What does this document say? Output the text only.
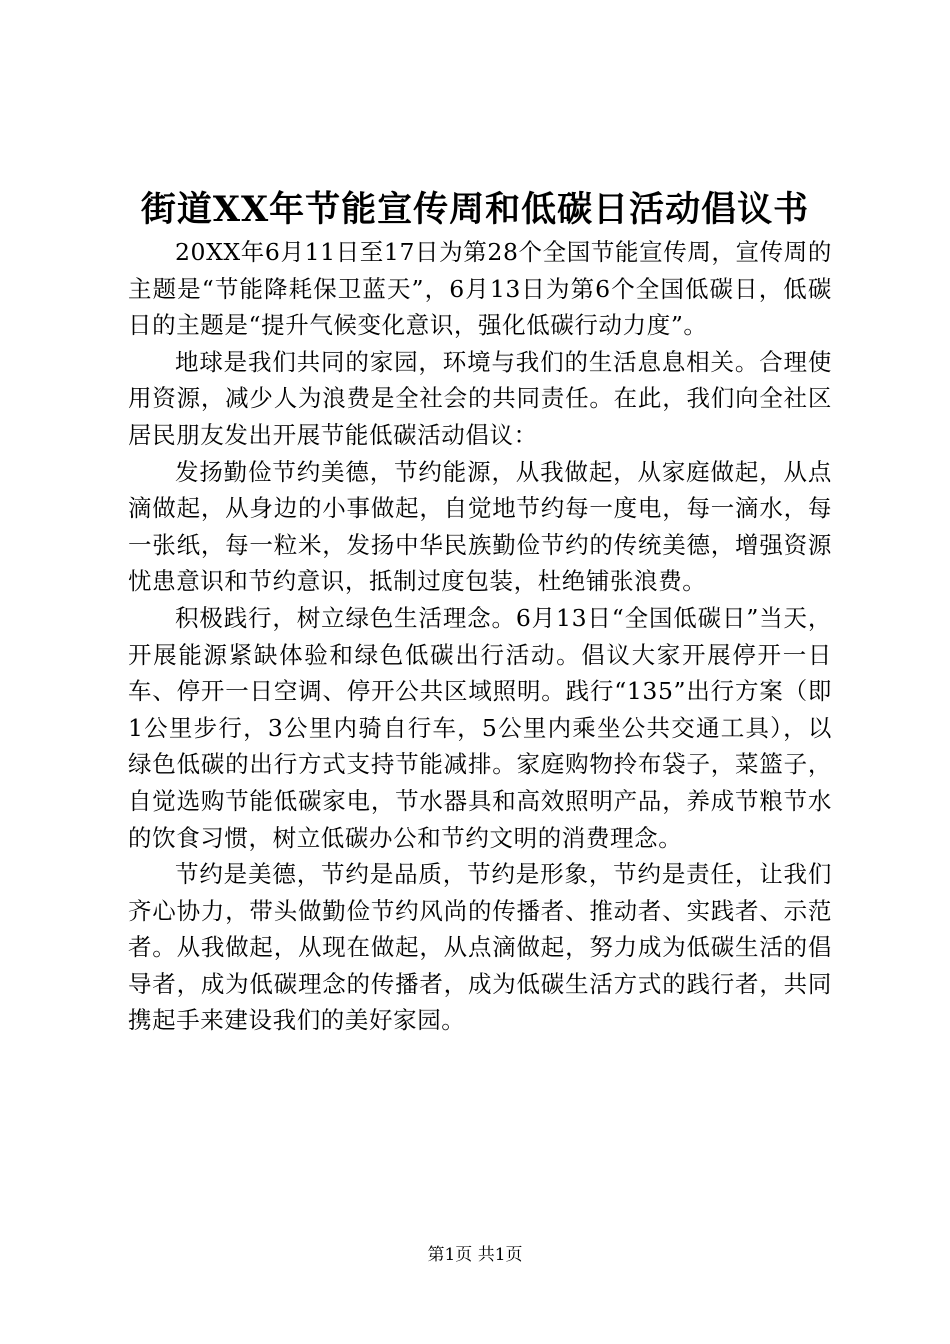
街道XX年节能宣传周和低碳日活动倡议书

20XX年6月11日至17日为第28个全国节能宣传周，宣传周的主题是“节能降耗保卫蓝天”，6月13日为第6个全国低碳日，低碳日的主题是“提升气候变化意识，强化低碳行动力度”。

地球是我们共同的家园，环境与我们的生活息息相关。合理使用资源，减少人为浪费是全社会的共同责任。在此，我们向全社区居民朋友发出开展节能低碳活动倡议：

发扬勤俭节约美德，节约能源，从我做起，从家庭做起，从点滴做起，从身边的小事做起，自觉地节约每一度电，每一滴水，每一张纸，每一粒米，发扬中华民族勤俭节约的传统美德，增强资源忧患意识和节约意识，抵制过度包装，杜绝铺张浪费。

积极践行，树立绿色生活理念。6月13日“全国低碳日”当天，开展能源紧缺体验和绿色低碳出行活动。倡议大家开展停开一日车、停开一日空调、停开公共区域照明。践行“135”出行方案（即1公里步行，3公里内骑自行车，5公里内乘坐公共交通工具），以绿色低碳的出行方式支持节能减排。家庭购物拎布袋子，菜篮子，自觉选购节能低碳家电，节水器具和高效照明产品，养成节粮节水的饮食习惯，树立低碳办公和节约文明的消费理念。

节约是美德，节约是品质，节约是形象，节约是责任，让我们齐心协力，带头做勤俭节约风尚的传播者、推动者、实践者、示范者。从我做起，从现在做起，从点滴做起，努力成为低碳生活的倡导者，成为低碳理念的传播者，成为低碳生活方式的践行者，共同携起手来建设我们的美好家园。

第1页 共1页
